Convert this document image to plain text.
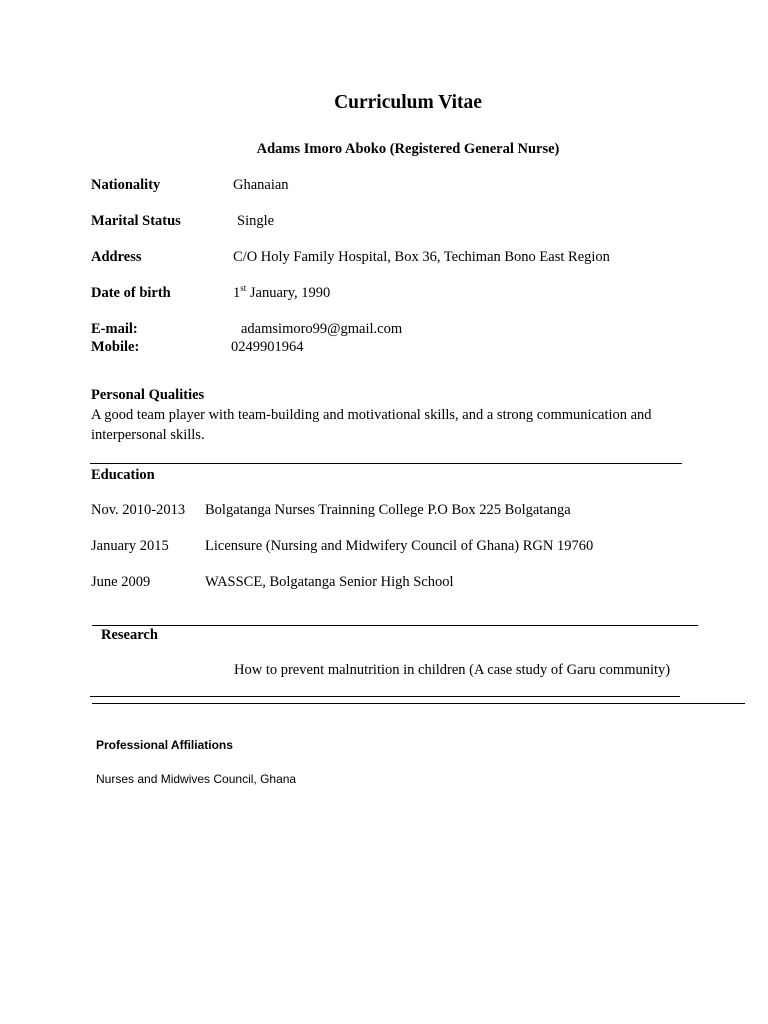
Curriculum Vitae
Adams Imoro Aboko (Registered General Nurse)
Nationality	Ghanaian
Marital Status	Single
Address	C/O Holy Family Hospital, Box 36, Techiman Bono East Region
Date of birth	1st January, 1990
E-mail:	adamsimoro99@gmail.com
Mobile:	0249901964
Personal Qualities
A good team player with team-building and motivational skills, and a strong communication and
interpersonal skills.
Education
Nov. 2010-2013 Bolgatanga Nurses Trainning College P.O Box 225 Bolgatanga
January 2015	Licensure (Nursing and Midwifery Council of Ghana) RGN 19760
June 2009	WASSCE, Bolgatanga Senior High School
Research
How to prevent malnutrition in children (A case study of Garu community)
Professional Affiliations
Nurses and Midwives Council, Ghana
